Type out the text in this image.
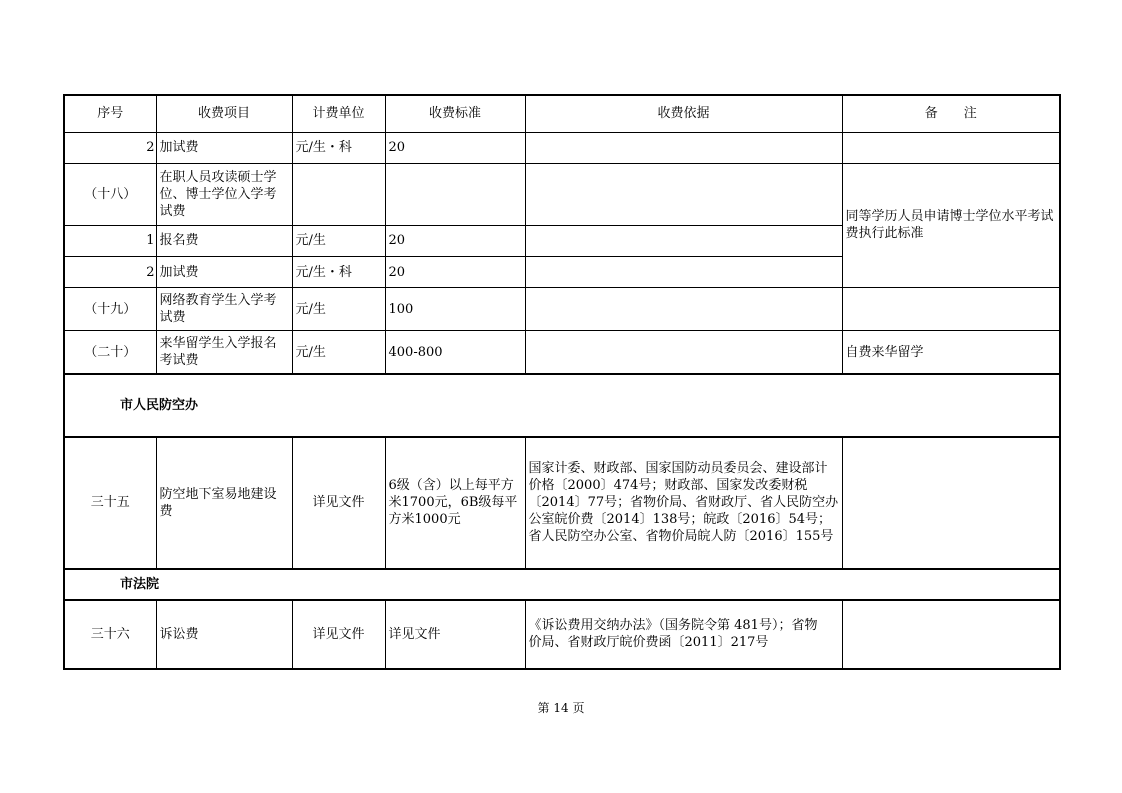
序号	收费项目	计费单位	收费标准	收费依据	备　　注
2	加试费	元/生・科	20		
（十八）	在职人员攻读硕士学位、博士学位入学考试费				同等学历人员申请博士学位水平考试费执行此标准
1	报名费	元/生	20		
2	加试费	元/生・科	20		
（十九）	网络教育学生入学考试费	元/生	100		
（二十）	来华留学生入学报名考试费	元/生	400-800		自费来华留学
市人民防空办					
三十五	防空地下室易地建设费	详见文件	6级（含）以上每平方米1700元，6B级每平方米1000元	国家计委、财政部、国家国防动员委员会、建设部计价格〔2000〕474号；财政部、国家发改委财税〔2014〕77号；省物价局、省财政厅、省人民防空办公室皖价费〔2014〕138号；皖政〔2016〕54号；省人民防空办公室、省物价局皖人防〔2016〕155号	
市法院					
三十六	诉讼费	详见文件	详见文件	《诉讼费用交纳办法》（国务院令第 481号）；省物价局、省财政厅皖价费函〔2011〕217号	
第 14 页
